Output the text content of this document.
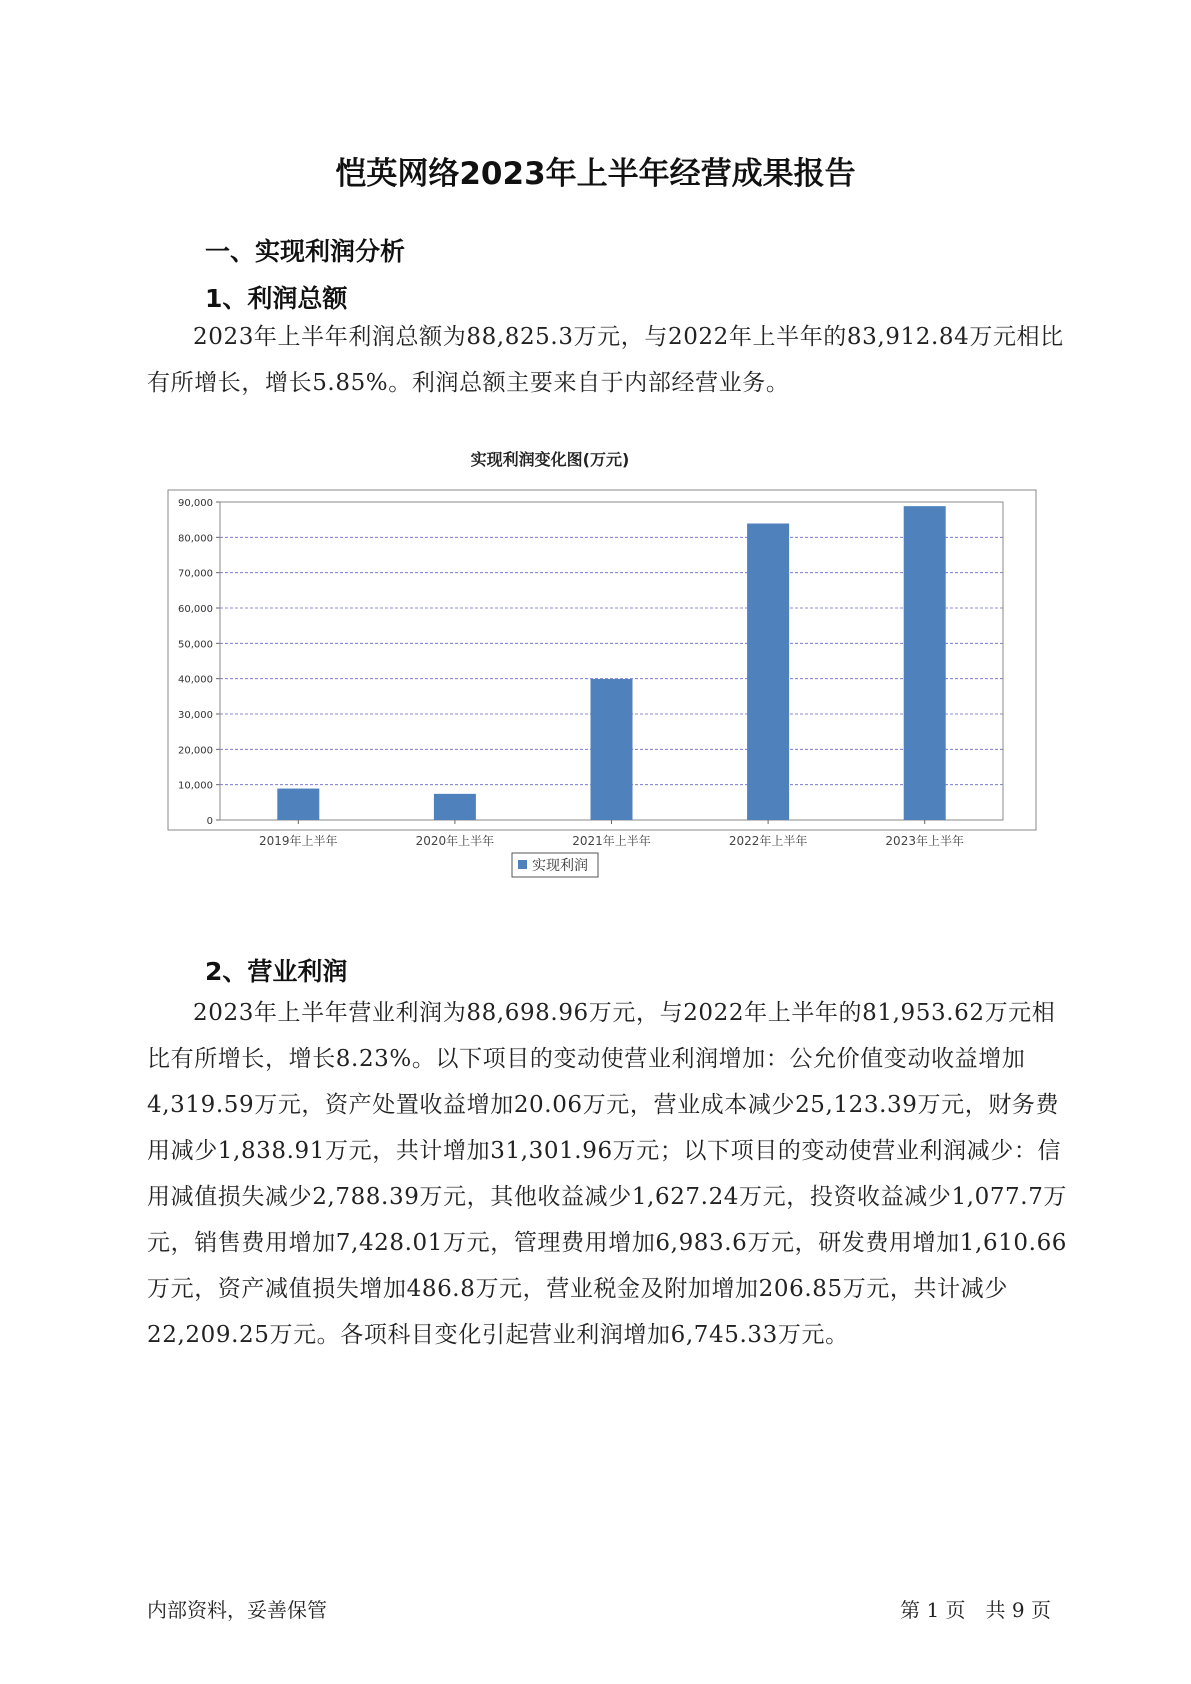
恺英网络2023年上半年经营成果报告
一、实现利润分析
1、利润总额

2023年上半年利润总额为88,825.3万元，与2022年上半年的83,912.84万元相比有所增长，增长5.85%。利润总额主要来自于内部经营业务。

实现利润变化图(万元)
0
10,000
20,000
30,000
40,000
50,000
60,000
70,000
80,000
90,000
2019年上半年	2020年上半年	2021年上半年	2022年上半年	2023年上半年
实现利润
2、营业利润

2023年上半年营业利润为88,698.96万元，与2022年上半年的81,953.62万元相比有所增长，增长8.23%。以下项目的变动使营业利润增加：公允价值变动收益增加4,319.59万元，资产处置收益增加20.06万元，营业成本减少25,123.39万元，财务费用减少1,838.91万元，共计增加31,301.96万元；以下项目的变动使营业利润减少：信用减值损失减少2,788.39万元，其他收益减少1,627.24万元，投资收益减少1,077.7万元，销售费用增加7,428.01万元，管理费用增加6,983.6万元，研发费用增加1,610.66万元，资产减值损失增加486.8万元，营业税金及附加增加206.85万元，共计减少22,209.25万元。各项科目变化引起营业利润增加6,745.33万元。

内部资料，妥善保管	第 1 页　共 9 页
